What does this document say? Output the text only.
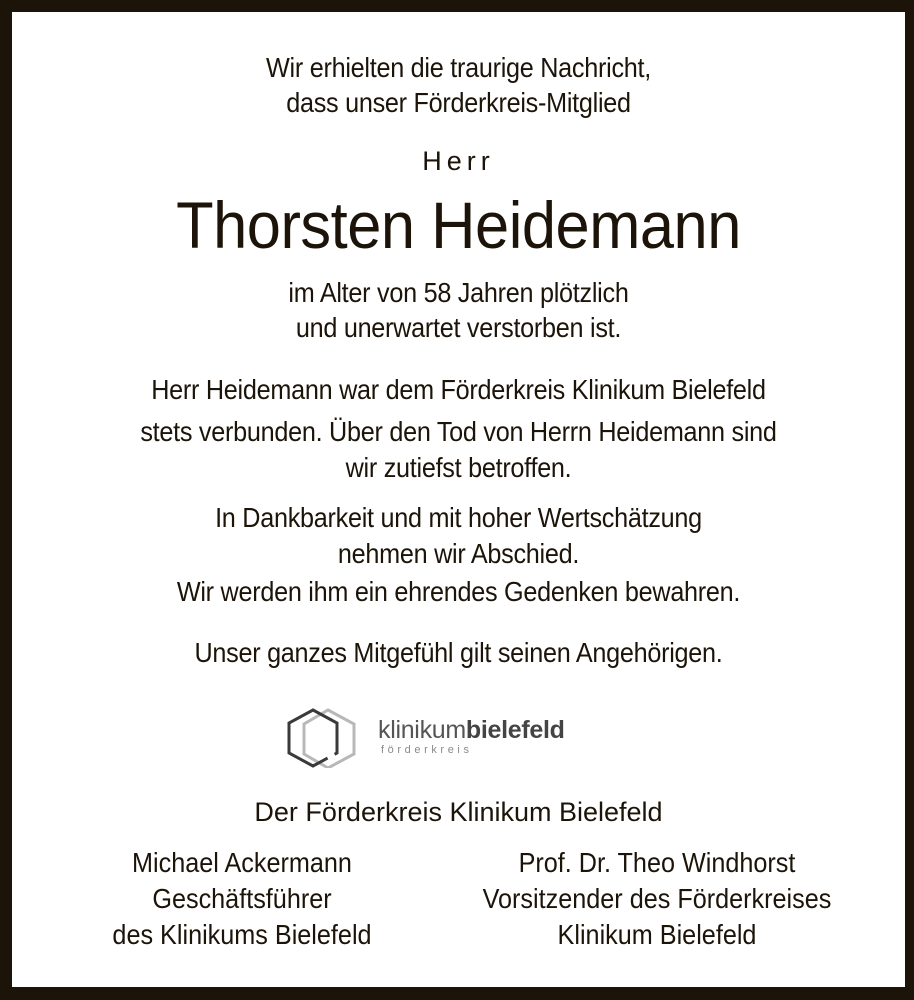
Wir erhielten die traurige Nachricht,
dass unser Förderkreis-Mitglied
Herr
Thorsten Heidemann
im Alter von 58 Jahren plötzlich
und unerwartet verstorben ist.
Herr Heidemann war dem Förderkreis Klinikum Bielefeld
stets verbunden. Über den Tod von Herrn Heidemann sind
wir zutiefst betroffen.
In Dankbarkeit und mit hoher Wertschätzung
nehmen wir Abschied.
Wir werden ihm ein ehrendes Gedenken bewahren.
Unser ganzes Mitgefühl gilt seinen Angehörigen.
klinikumbielefeld
förderkreis
Der Förderkreis Klinikum Bielefeld
Michael Ackermann
Geschäftsführer
des Klinikums Bielefeld
Prof. Dr. Theo Windhorst
Vorsitzender des Förderkreises
Klinikum Bielefeld
